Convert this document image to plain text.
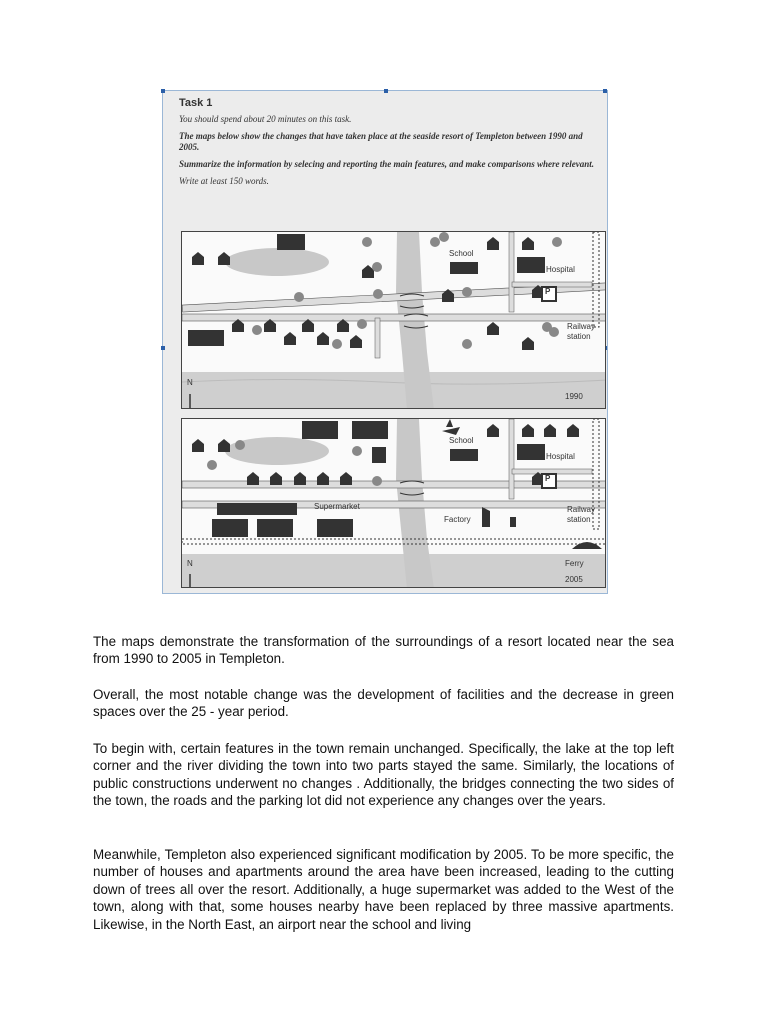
Task 1
You should spend about 20 minutes on this task.
The maps below show the changes that have taken place at the seaside resort of Templeton between 1990 and 2005.
Summarize the information by selecing and reporting the main features, and make comparisons where relevant.
Write at least 150 words.
School
Hospital
P
Railway
station
N
1990
School
Hospital
P
Supermarket
Factory
Railway
station
Ferry
N
2005

The maps demonstrate the transformation of the surroundings of a resort located near the sea from 1990 to 2005 in Templeton.

Overall, the most notable change was the development of facilities and the decrease in green spaces over the 25 - year period.

To begin with, certain features in the town remain unchanged. Specifically, the lake at the top left corner and the river dividing the town into two parts stayed the same. Similarly, the locations of public constructions underwent no changes . Additionally, the bridges connecting the two sides of the town, the roads and the parking lot did not experience any changes over the years.

Meanwhile, Templeton also experienced significant modification by 2005. To be more specific, the number of houses and apartments around the area have been increased, leading to the cutting down of trees all over the resort. Additionally, a huge supermarket was added to the West of the town, along with that, some houses nearby have been replaced by three massive apartments. Likewise, in the North East, an airport near the school and living
